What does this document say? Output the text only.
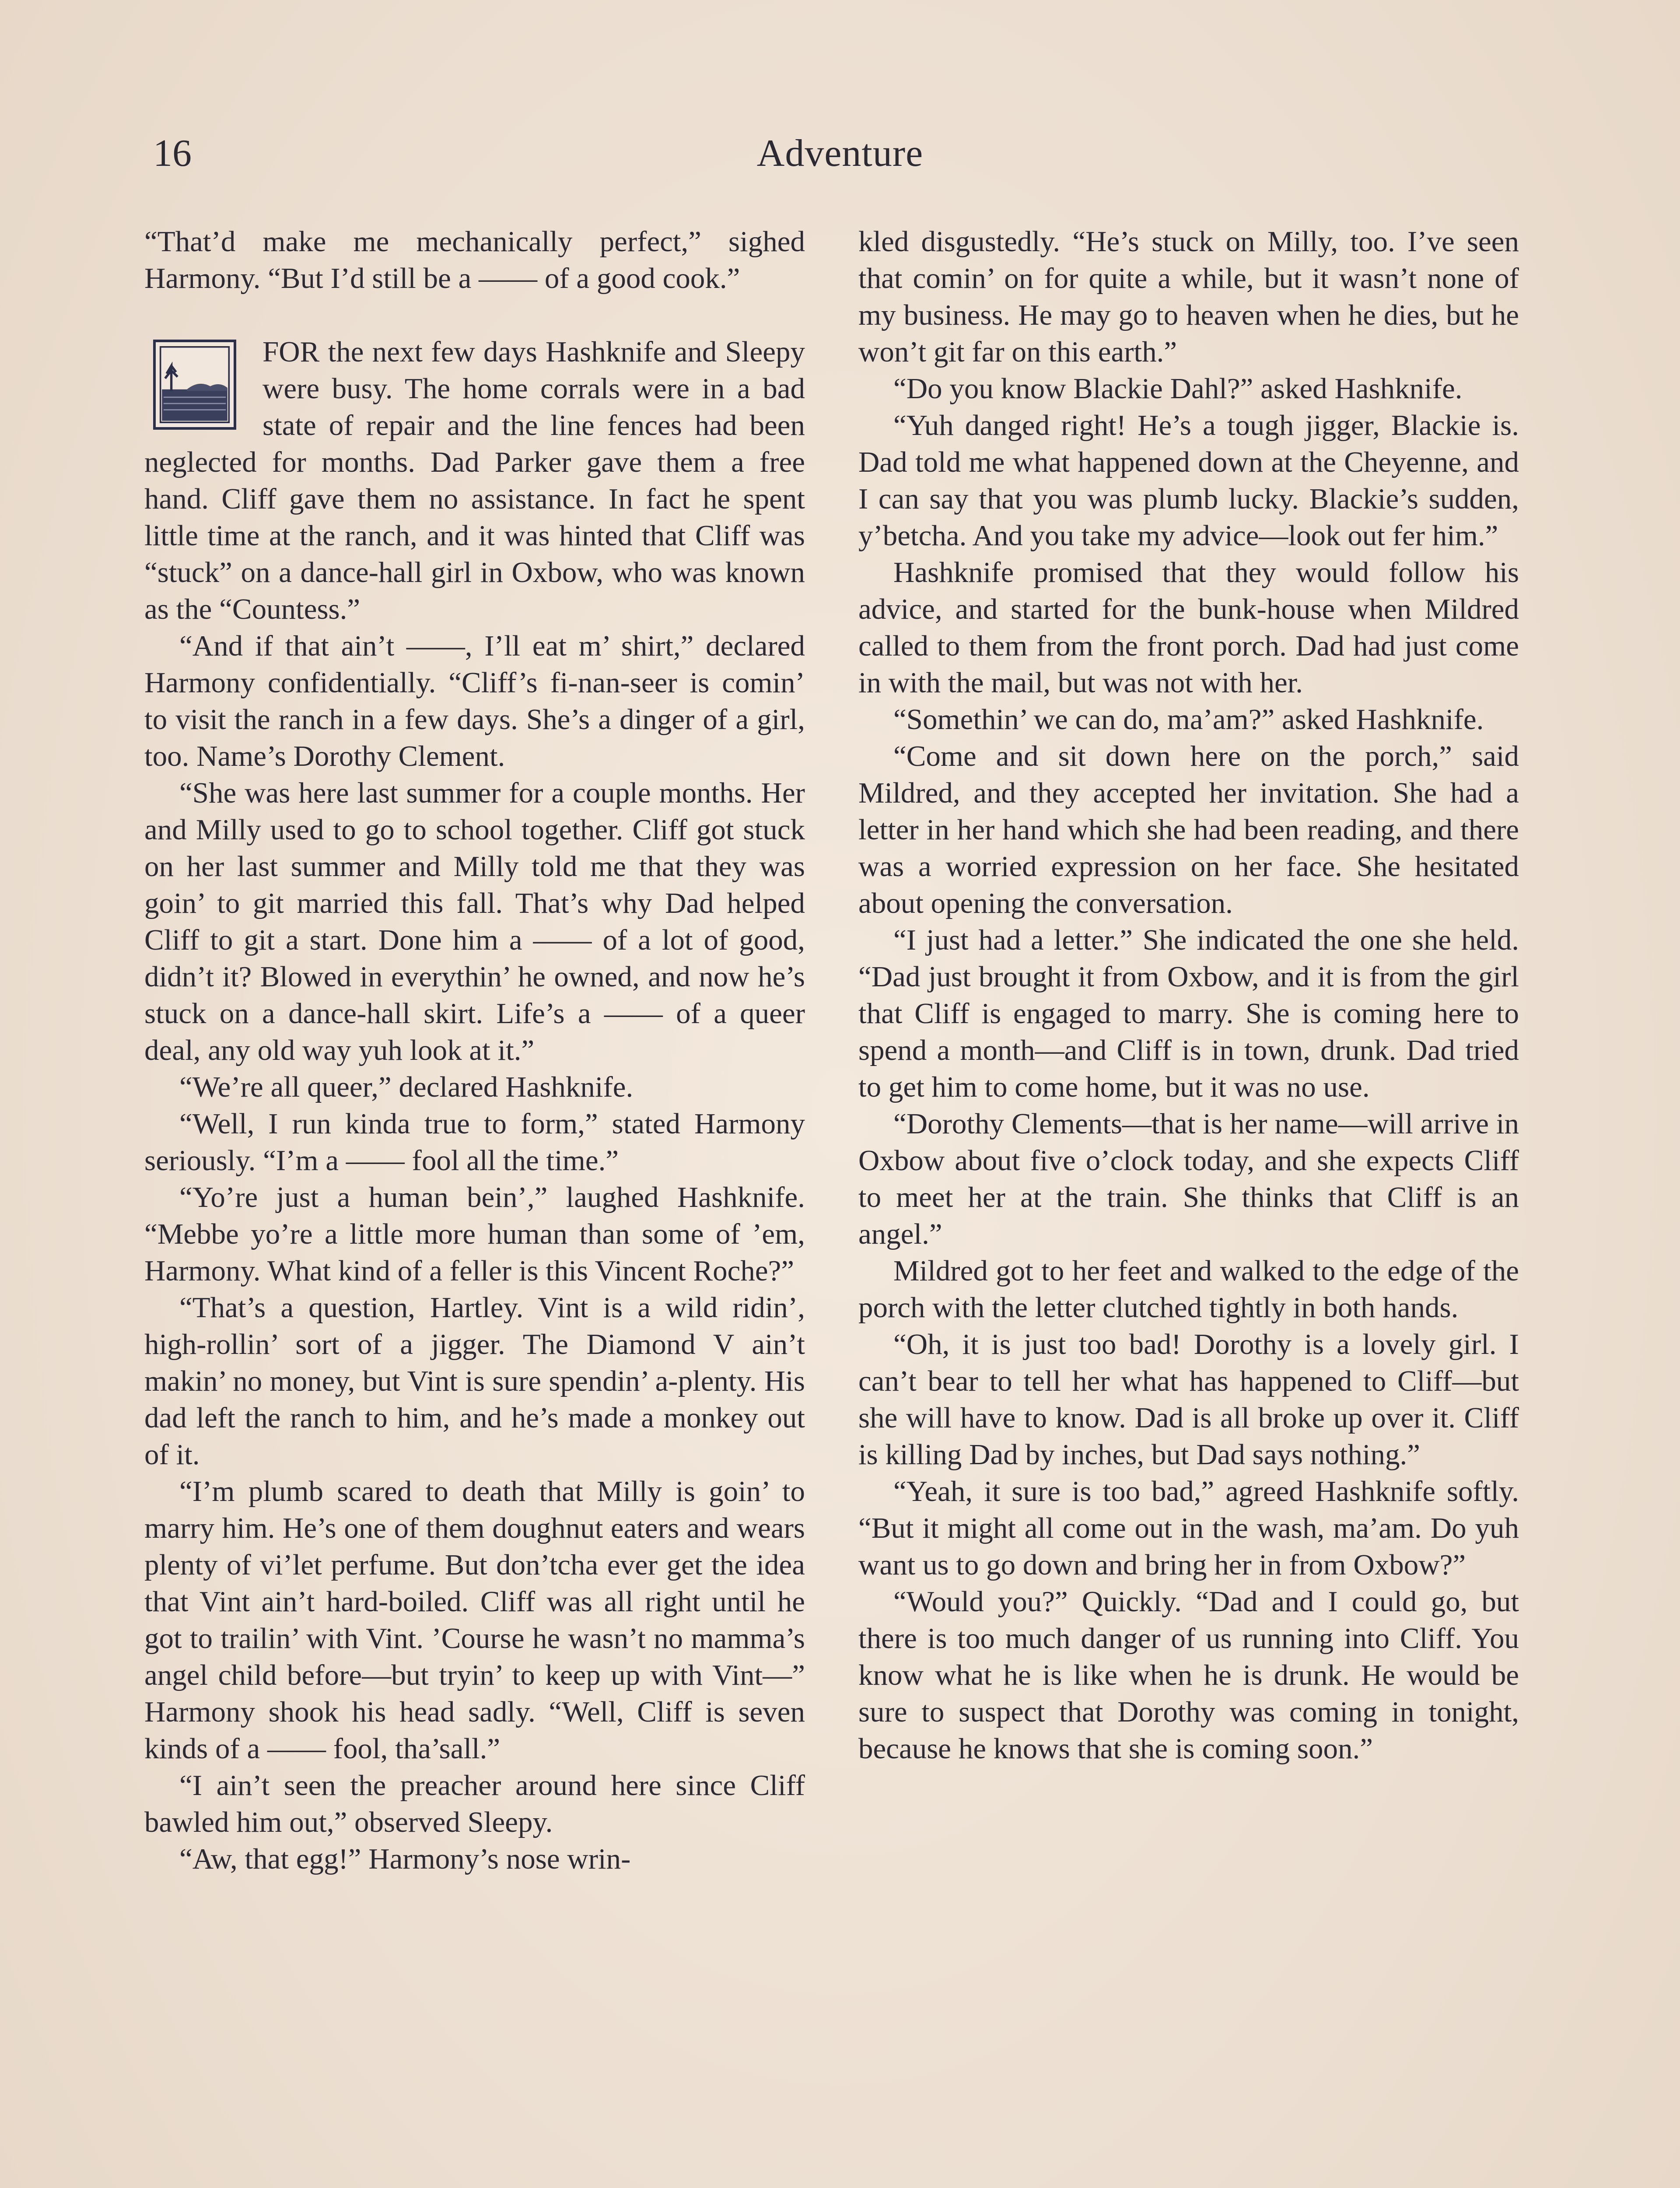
16	Adventure

“That’d make me mechanically perfect,” sighed Harmony. “But I’d still be a —— of a good cook.”

FOR the next few days Hashknife and Sleepy were busy. The home corrals were in a bad state of repair and the line fences had been neglected for months. Dad Parker gave them a free hand. Cliff gave them no assistance. In fact he spent little time at the ranch, and it was hinted that Cliff was “stuck” on a dance-hall girl in Oxbow, who was known as the “Countess.”

“And if that ain’t ——, I’ll eat m’ shirt,” declared Harmony confidentially. “Cliff’s fi-nan-seer is comin’ to visit the ranch in a few days. She’s a dinger of a girl, too. Name’s Dorothy Clement.

“She was here last summer for a couple months. Her and Milly used to go to school together. Cliff got stuck on her last summer and Milly told me that they was goin’ to git married this fall. That’s why Dad helped Cliff to git a start. Done him a —— of a lot of good, didn’t it? Blowed in everythin’ he owned, and now he’s stuck on a dance-hall skirt. Life’s a —— of a queer deal, any old way yuh look at it.”

“We’re all queer,” declared Hashknife.

“Well, I run kinda true to form,” stated Harmony seriously. “I’m a —— fool all the time.”

“Yo’re just a human bein’,” laughed Hashknife. “Mebbe yo’re a little more human than some of ’em, Harmony. What kind of a feller is this Vincent Roche?”

“That’s a question, Hartley. Vint is a wild ridin’, high-rollin’ sort of a jigger. The Diamond V ain’t makin’ no money, but Vint is sure spendin’ a-plenty. His dad left the ranch to him, and he’s made a monkey out of it.

“I’m plumb scared to death that Milly is goin’ to marry him. He’s one of them doughnut eaters and wears plenty of vi’let perfume. But don’tcha ever get the idea that Vint ain’t hard-boiled. Cliff was all right until he got to trailin’ with Vint. ’Course he wasn’t no mamma’s angel child before—but tryin’ to keep up with Vint—” Harmony shook his head sadly. “Well, Cliff is seven kinds of a —— fool, tha’sall.”

“I ain’t seen the preacher around here since Cliff bawled him out,” observed Sleepy.

“Aw, that egg!” Harmony’s nose wrin-

kled disgustedly. “He’s stuck on Milly, too. I’ve seen that comin’ on for quite a while, but it wasn’t none of my business. He may go to heaven when he dies, but he won’t git far on this earth.”

“Do you know Blackie Dahl?” asked Hashknife.

“Yuh danged right! He’s a tough jigger, Blackie is. Dad told me what happened down at the Cheyenne, and I can say that you was plumb lucky. Blackie’s sudden, y’betcha. And you take my advice—look out fer him.”

Hashknife promised that they would follow his advice, and started for the bunk-house when Mildred called to them from the front porch. Dad had just come in with the mail, but was not with her.

“Somethin’ we can do, ma’am?” asked Hashknife.

“Come and sit down here on the porch,” said Mildred, and they accepted her invitation. She had a letter in her hand which she had been reading, and there was a worried expression on her face. She hesitated about opening the conversation.

“I just had a letter.” She indicated the one she held. “Dad just brought it from Oxbow, and it is from the girl that Cliff is engaged to marry. She is coming here to spend a month—and Cliff is in town, drunk. Dad tried to get him to come home, but it was no use.

“Dorothy Clements—that is her name—will arrive in Oxbow about five o’clock today, and she expects Cliff to meet her at the train. She thinks that Cliff is an angel.”

Mildred got to her feet and walked to the edge of the porch with the letter clutched tightly in both hands.

“Oh, it is just too bad! Dorothy is a lovely girl. I can’t bear to tell her what has happened to Cliff—but she will have to know. Dad is all broke up over it. Cliff is killing Dad by inches, but Dad says nothing.”

“Yeah, it sure is too bad,” agreed Hashknife softly. “But it might all come out in the wash, ma’am. Do yuh want us to go down and bring her in from Oxbow?”

“Would you?” Quickly. “Dad and I could go, but there is too much danger of us running into Cliff. You know what he is like when he is drunk. He would be sure to suspect that Dorothy was coming in tonight, because he knows that she is coming soon.”
